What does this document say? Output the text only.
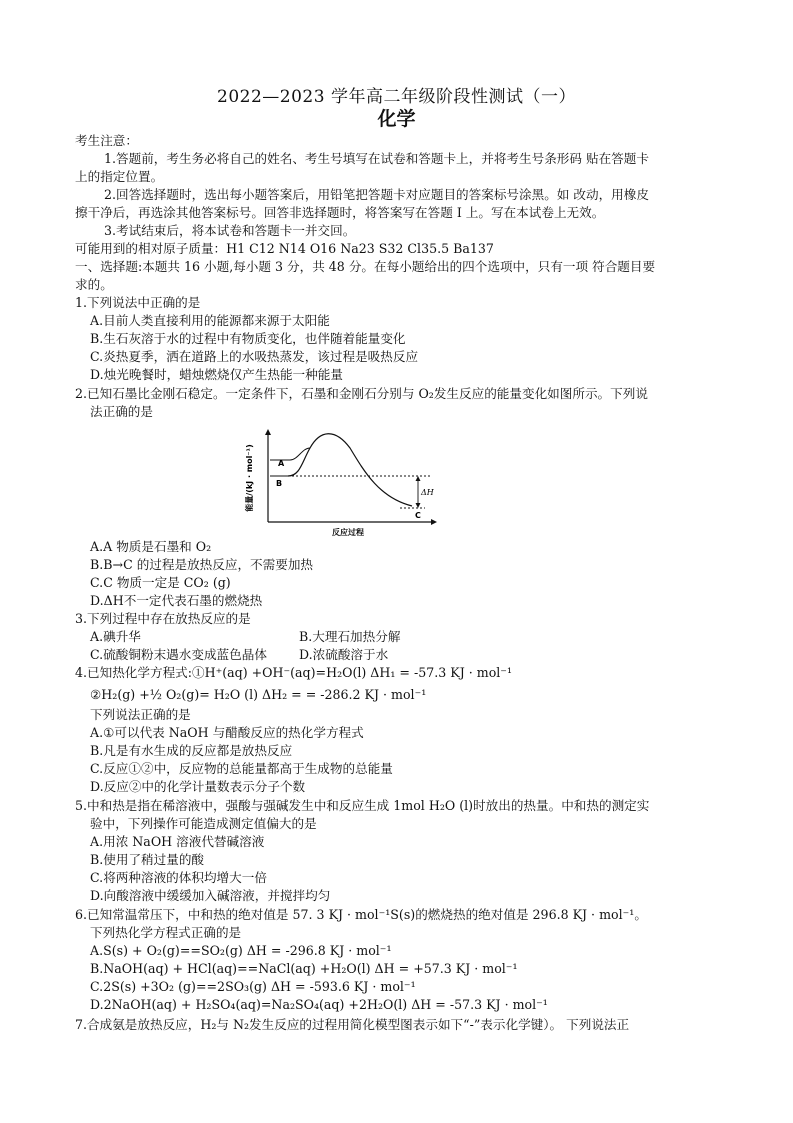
2022—2023 学年高二年级阶段性测试（一）
化学
考生注意：
1.答题前，考生务必将自己的姓名、考生号填写在试卷和答题卡上，并将考生号条形码 贴在答题卡
上的指定位置。
2.回答选择题时，选出每小题答案后，用铅笔把答题卡对应题目的答案标号涂黑。如 改动，用橡皮
擦干净后，再选涂其他答案标号。回答非选择题时，将答案写在答题 I 上。写在本试卷上无效。
3.考试结束后，将本试卷和答题卡一并交回。
可能用到的相对原子质量：H1 C12 N14 O16 Na23 S32 Cl35.5 Ba137
一、选择题:本题共 16 小题,每小题 3 分，共 48 分。在每小题给出的四个选项中，只有一项 符合题目要
求的。
1.下列说法中正确的是
A.目前人类直接利用的能源都来源于太阳能
B.生石灰溶于水的过程中有物质变化，也伴随着能量变化
C.炎热夏季，洒在道路上的水吸热蒸发，该过程是吸热反应
D.烛光晚餐时，蜡烛燃烧仅产生热能一种能量
2.已知石墨比金刚石稳定。一定条件下，石墨和金刚石分别与 O₂发生反应的能量变化如图所示。下列说
法正确的是
能量/(kJ · mol⁻¹)	A
B
C
ΔH
反应过程
A.A 物质是石墨和 O₂
B.B→C 的过程是放热反应，不需要加热
C.C 物质一定是 CO₂ (g)
D.ΔH不一定代表石墨的燃烧热
3.下列过程中存在放热反应的是
A.碘升华	B.大理石加热分解
C.硫酸铜粉末遇水变成蓝色晶体	D.浓硫酸溶于水
4.已知热化学方程式:①H⁺(aq) +OH⁻(aq)=H₂O(l) ΔH₁ = -57.3 KJ · mol⁻¹
②H₂(g) +½ O₂(g)= H₂O (l) ΔH₂ = = -286.2 KJ · mol⁻¹
下列说法正确的是
A.①可以代表 NaOH 与醋酸反应的热化学方程式
B.凡是有水生成的反应都是放热反应
C.反应①②中，反应物的总能量都高于生成物的总能量
D.反应②中的化学计量数表示分子个数
5.中和热是指在稀溶液中，强酸与强碱发生中和反应生成 1mol H₂O (l)时放出的热量。中和热的测定实
验中，下列操作可能造成测定值偏大的是
A.用浓 NaOH 溶液代替碱溶液
B.使用了稍过量的酸
C.将两种溶液的体积均增大一倍
D.向酸溶液中缓缓加入碱溶液，并搅拌均匀
6.已知常温常压下，中和热的绝对值是 57. 3 KJ · mol⁻¹S(s)的燃烧热的绝对值是 296.8 KJ · mol⁻¹。
下列热化学方程式正确的是
A.S(s) + O₂(g)==SO₂(g) ΔH = -296.8 KJ · mol⁻¹
B.NaOH(aq) + HCl(aq)==NaCl(aq) +H₂O(l) ΔH = +57.3 KJ · mol⁻¹
C.2S(s) +3O₂ (g)==2SO₃(g) ΔH = -593.6 KJ · mol⁻¹
D.2NaOH(aq) + H₂SO₄(aq)=Na₂SO₄(aq) +2H₂O(l) ΔH = -57.3 KJ · mol⁻¹
7.合成氨是放热反应，H₂与 N₂发生反应的过程用简化模型图表示如下“-”表示化学键）。 下列说法正
